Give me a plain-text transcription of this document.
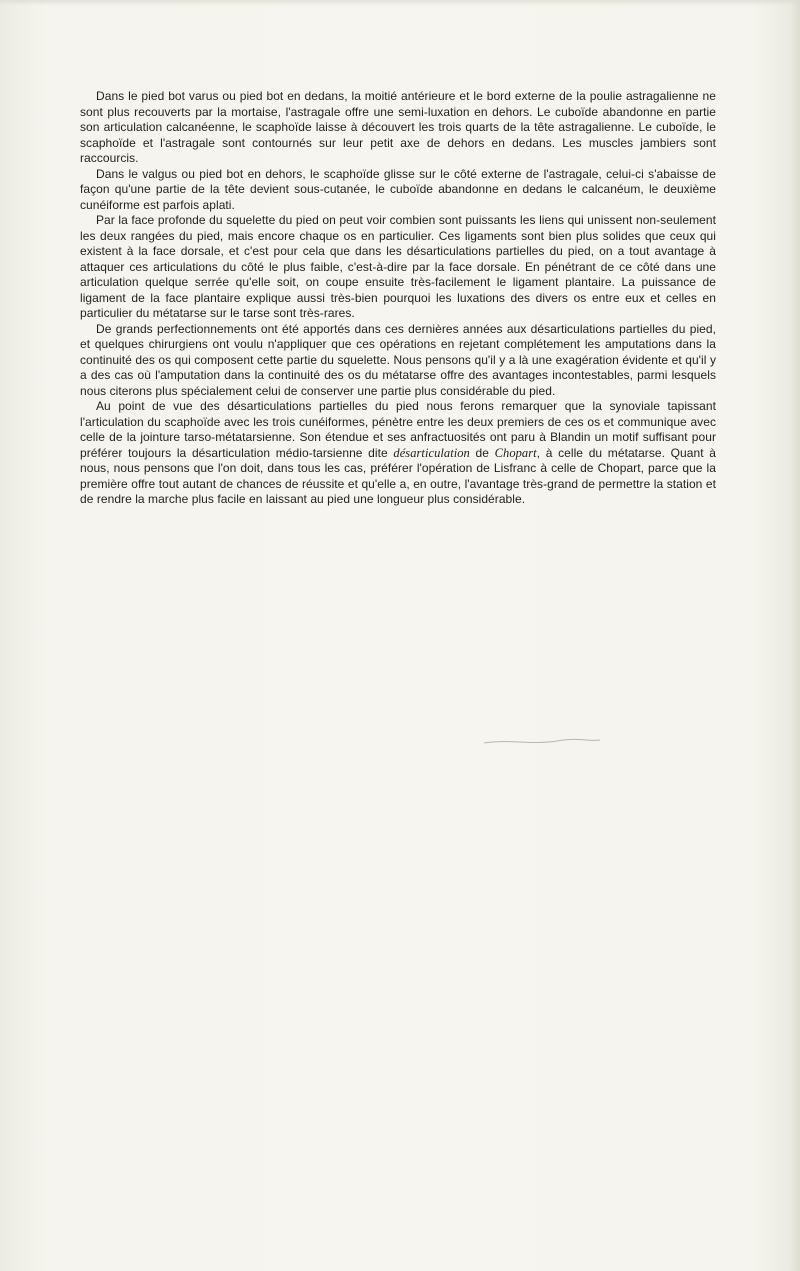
Dans le pied bot varus ou pied bot en dedans, la moitié antérieure et le bord externe de la poulie astragalienne ne sont plus recouverts par la mortaise, l'astragale offre une semi-luxation en dehors. Le cuboïde abandonne en partie son articulation calcanéenne, le scaphoïde laisse à découvert les trois quarts de la tête astragalienne. Le cuboïde, le scaphoïde et l'astragale sont contournés sur leur petit axe de dehors en dedans. Les muscles jambiers sont raccourcis.

Dans le valgus ou pied bot en dehors, le scaphoïde glisse sur le côté externe de l'astragale, celui-ci s'abaisse de façon qu'une partie de la tête devient sous-cutanée, le cuboïde abandonne en dedans le calcanéum, le deuxième cunéiforme est parfois aplati.

Par la face profonde du squelette du pied on peut voir combien sont puissants les liens qui unissent non-seulement les deux rangées du pied, mais encore chaque os en particulier. Ces ligaments sont bien plus solides que ceux qui existent à la face dorsale, et c'est pour cela que dans les désarticulations partielles du pied, on a tout avantage à attaquer ces articulations du côté le plus faible, c'est-à-dire par la face dorsale. En pénétrant de ce côté dans une articulation quelque serrée qu'elle soit, on coupe ensuite très-facilement le ligament plantaire. La puissance de ligament de la face plantaire explique aussi très-bien pourquoi les luxations des divers os entre eux et celles en particulier du métatarse sur le tarse sont très-rares.

De grands perfectionnements ont été apportés dans ces dernières années aux désarticulations partielles du pied, et quelques chirurgiens ont voulu n'appliquer que ces opérations en rejetant complétement les amputations dans la continuité des os qui composent cette partie du squelette. Nous pensons qu'il y a là une exagération évidente et qu'il y a des cas où l'amputation dans la continuité des os du métatarse offre des avantages incontestables, parmi lesquels nous citerons plus spécialement celui de conserver une partie plus considérable du pied.

Au point de vue des désarticulations partielles du pied nous ferons remarquer que la synoviale tapissant l'articulation du scaphoïde avec les trois cunéiformes, pénètre entre les deux premiers de ces os et communique avec celle de la jointure tarso-métatarsienne. Son étendue et ses anfractuosités ont paru à Blandin un motif suffisant pour préférer toujours la désarticulation médio-tarsienne dite désarticulation de Chopart, à celle du métatarse. Quant à nous, nous pensons que l'on doit, dans tous les cas, préférer l'opération de Lisfranc à celle de Chopart, parce que la première offre tout autant de chances de réussite et qu'elle a, en outre, l'avantage très-grand de permettre la station et de rendre la marche plus facile en laissant au pied une longueur plus considérable.
